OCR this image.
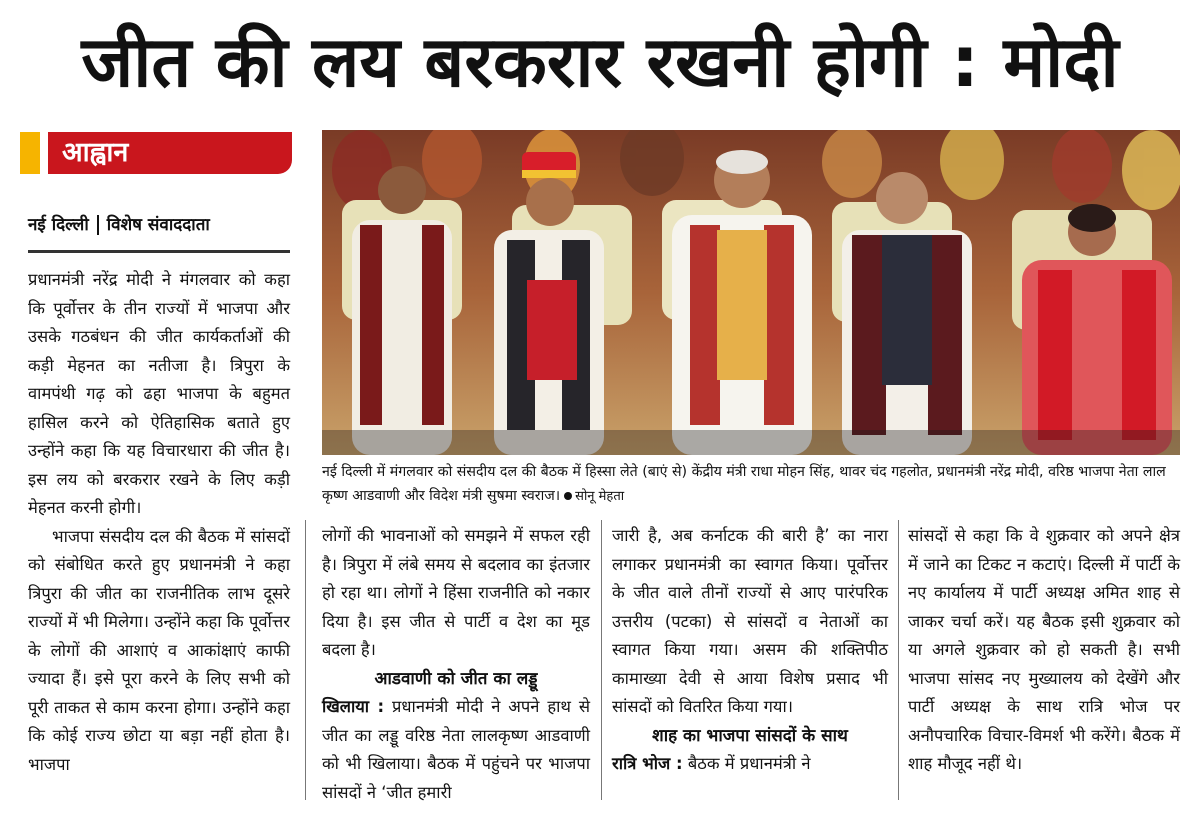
जीत की लय बरकरार रखनी होगी : मोदी
आह्वान
नई दिल्ली विशेष संवाददाता

प्रधानमंत्री नरेंद्र मोदी ने मंगलवार को कहा कि पूर्वोत्तर के तीन राज्यों में भाजपा और उसके गठबंधन की जीत कार्यकर्ताओं की कड़ी मेहनत का नतीजा है। त्रिपुरा के वामपंथी गढ़ को ढहा भाजपा के बहुमत हासिल करने को ऐतिहासिक बताते हुए उन्होंने कहा कि यह विचारधारा की जीत है। इस लय को बरकरार रखने के लिए कड़ी मेहनत करनी होगी।

भाजपा संसदीय दल की बैठक में सांसदों को संबोधित करते हुए प्रधानमंत्री ने कहा त्रिपुरा की जीत का राजनीतिक लाभ दूसरे राज्यों में भी मिलेगा। उन्होंने कहा कि पूर्वोत्तर के लोगों की आशाएं व आकांक्षाएं काफी ज्यादा हैं। इसे पूरा करने के लिए सभी को पूरी ताकत से काम करना होगा। उन्होंने कहा कि कोई राज्य छोटा या बड़ा नहीं होता है। भाजपा

नई दिल्ली में मंगलवार को संसदीय दल की बैठक में हिस्सा लेते (बाएं से) केंद्रीय मंत्री राधा मोहन सिंह, थावर चंद गहलोत, प्रधानमंत्री नरेंद्र मोदी, वरिष्ठ भाजपा नेता लाल कृष्ण आडवाणी और विदेश मंत्री सुषमा स्वराज। सोनू मेहता

लोगों की भावनाओं को समझने में सफल रही है। त्रिपुरा में लंबे समय से बदलाव का इंतजार हो रहा था। लोगों ने हिंसा राजनीति को नकार दिया है। इस जीत से पार्टी व देश का मूड बदला है।

आडवाणी को जीत का लड्डू

खिलाया : प्रधानमंत्री मोदी ने अपने हाथ से जीत का लड्डू वरिष्ठ नेता लालकृष्ण आडवाणी को भी खिलाया। बैठक में पहुंचने पर भाजपा सांसदों ने ‘जीत हमारी

जारी है, अब कर्नाटक की बारी है’ का नारा लगाकर प्रधानमंत्री का स्वागत किया। पूर्वोत्तर के जीत वाले तीनों राज्यों से आए पारंपरिक उत्तरीय (पटका) से सांसदों व नेताओं का स्वागत किया गया। असम की शक्तिपीठ कामाख्या देवी से आया विशेष प्रसाद भी सांसदों को वितरित किया गया।

शाह का भाजपा सांसदों के साथ

रात्रि भोज : बैठक में प्रधानमंत्री ने

सांसदों से कहा कि वे शुक्रवार को अपने क्षेत्र में जाने का टिकट न कटाएं। दिल्ली में पार्टी के नए कार्यालय में पार्टी अध्यक्ष अमित शाह से जाकर चर्चा करें। यह बैठक इसी शुक्रवार को या अगले शुक्रवार को हो सकती है। सभी भाजपा सांसद नए मुख्यालय को देखेंगे और पार्टी अध्यक्ष के साथ रात्रि भोज पर अनौपचारिक विचार-विमर्श भी करेंगे। बैठक में शाह मौजूद नहीं थे।
